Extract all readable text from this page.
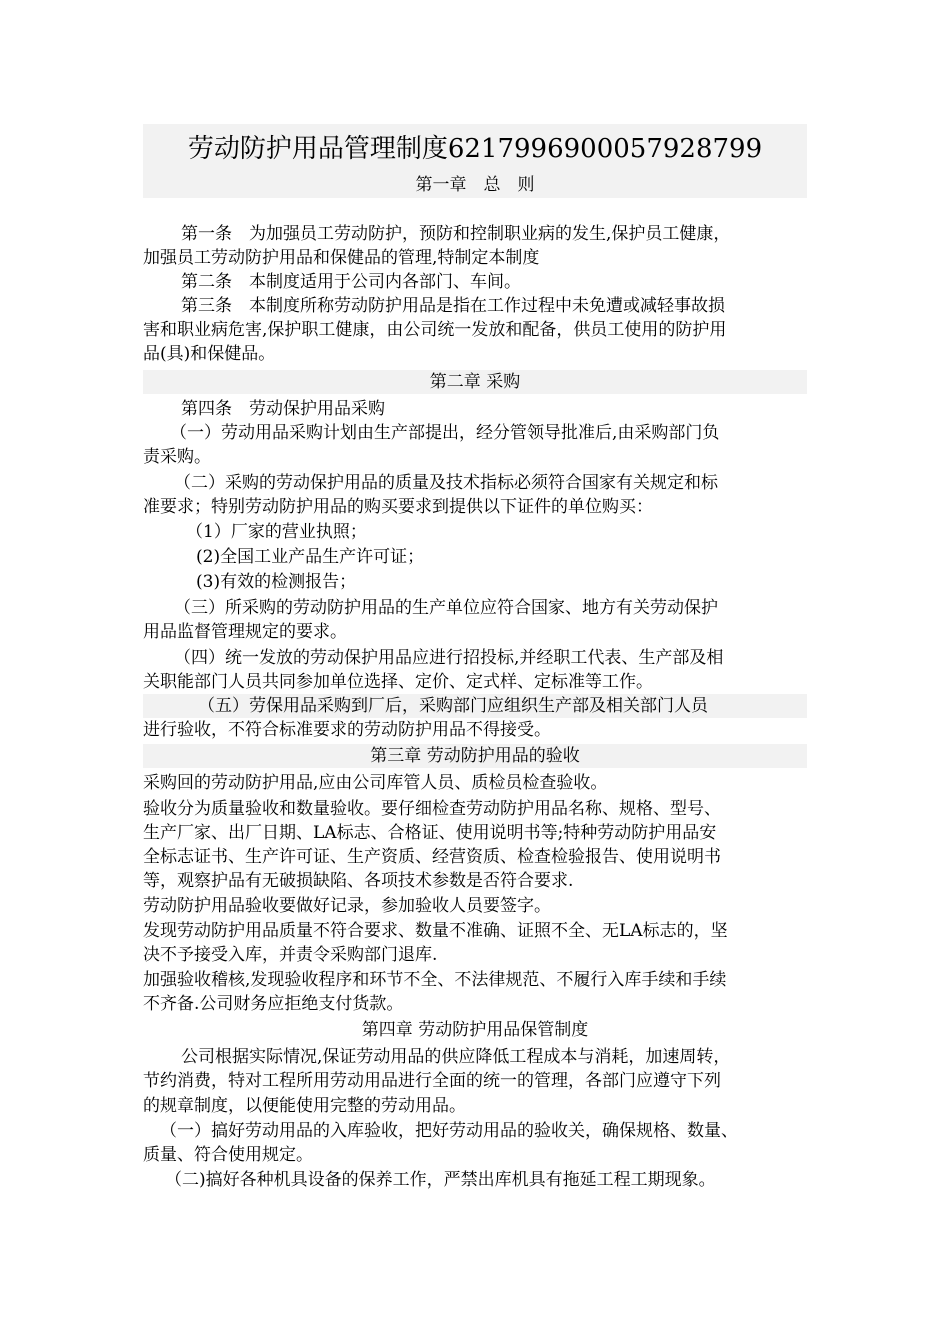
劳动防护用品管理制度6217996900057928799
第一章　总　则
第一条　为加强员工劳动防护，预防和控制职业病的发生,保护员工健康，
加强员工劳动防护用品和保健品的管理,特制定本制度
第二条　本制度适用于公司内各部门、车间。
第三条　本制度所称劳动防护用品是指在工作过程中未免遭或减轻事故损
害和职业病危害,保护职工健康，由公司统一发放和配备，供员工使用的防护用
品(具)和保健品。
第二章 采购
第四条　劳动保护用品采购
（一）劳动用品采购计划由生产部提出，经分管领导批准后,由采购部门负
责采购。
（二）采购的劳动保护用品的质量及技术指标必须符合国家有关规定和标
准要求；特别劳动防护用品的购买要求到提供以下证件的单位购买：
（1）厂家的营业执照；
(2)全国工业产品生产许可证；
(3)有效的检测报告；
（三）所采购的劳动防护用品的生产单位应符合国家、地方有关劳动保护
用品监督管理规定的要求。
（四）统一发放的劳动保护用品应进行招投标,并经职工代表、生产部及相
关职能部门人员共同参加单位选择、定价、定式样、定标准等工作。
（五）劳保用品采购到厂后，采购部门应组织生产部及相关部门人员
进行验收，不符合标准要求的劳动防护用品不得接受。
第三章 劳动防护用品的验收
采购回的劳动防护用品,应由公司库管人员、质检员检查验收。
验收分为质量验收和数量验收。要仔细检查劳动防护用品名称、规格、型号、
生产厂家、出厂日期、LA标志、合格证、使用说明书等;特种劳动防护用品安
全标志证书、生产许可证、生产资质、经营资质、检查检验报告、使用说明书
等，观察护品有无破损缺陷、各项技术参数是否符合要求.
劳动防护用品验收要做好记录，参加验收人员要签字。
发现劳动防护用品质量不符合要求、数量不准确、证照不全、无LA标志的，坚
决不予接受入库，并责令采购部门退库.
加强验收稽核,发现验收程序和环节不全、不法律规范、不履行入库手续和手续
不齐备.公司财务应拒绝支付货款。
第四章 劳动防护用品保管制度
公司根据实际情况,保证劳动用品的供应降低工程成本与消耗，加速周转，
节约消费，特对工程所用劳动用品进行全面的统一的管理，各部门应遵守下列
的规章制度，以便能使用完整的劳动用品。
（一）搞好劳动用品的入库验收，把好劳动用品的验收关，确保规格、数量、
质量、符合使用规定。
（二)搞好各种机具设备的保养工作，严禁出库机具有拖延工程工期现象。
